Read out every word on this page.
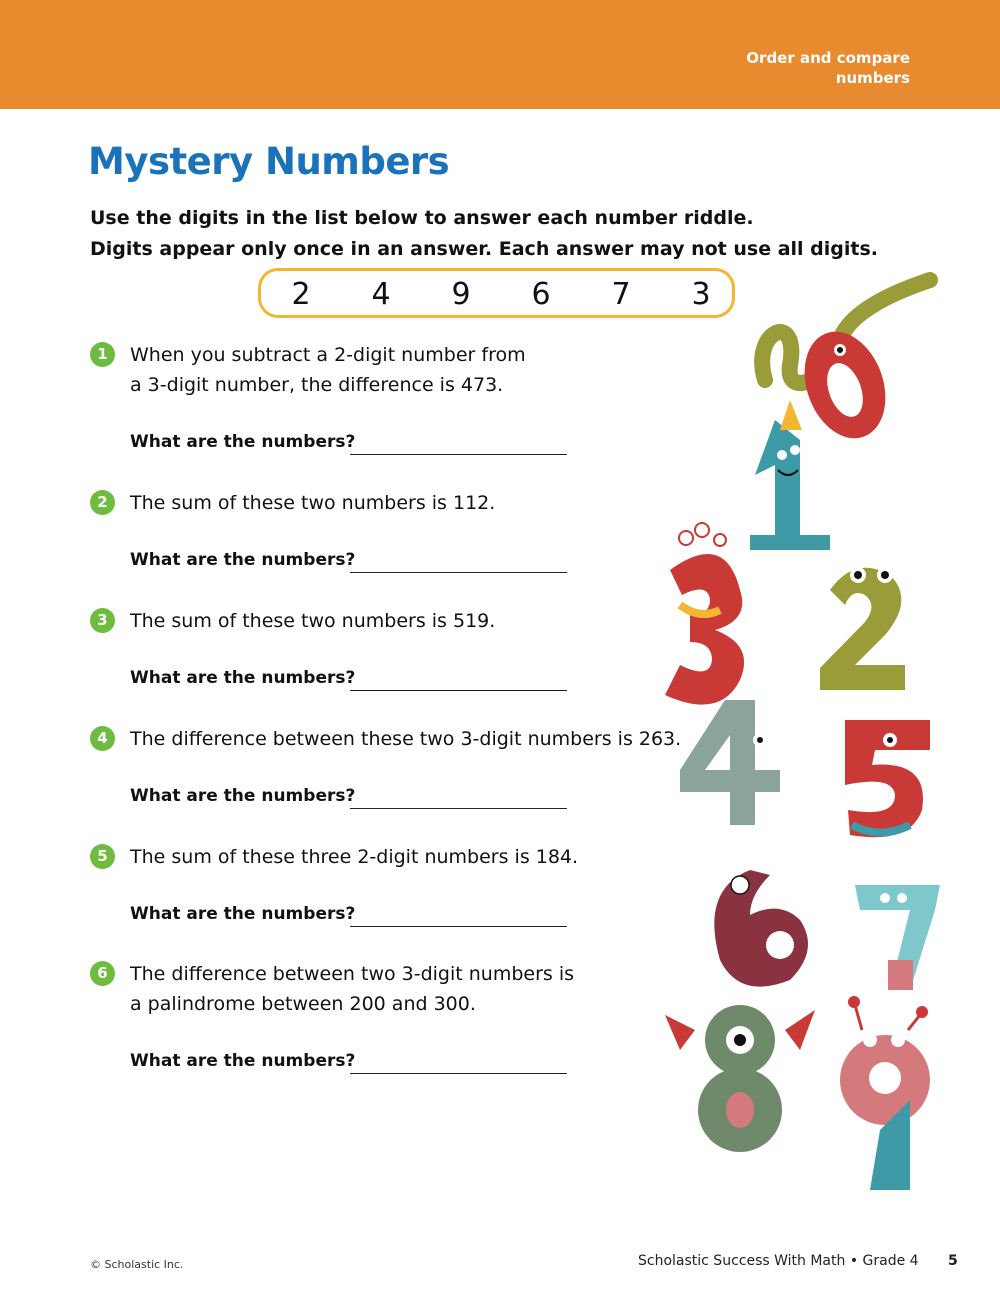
Order and compare
numbers
Mystery Numbers
Use the digits in the list below to answer each number riddle.
Digits appear only once in an answer. Each answer may not use all digits.
2	4	9	6	7	3
1	When you subtract a 2-digit number from
a 3-digit number, the difference is 473.
What are the numbers?
2	The sum of these two numbers is 112.
What are the numbers?
3	The sum of these two numbers is 519.
What are the numbers?
4	The difference between these two 3-digit numbers is 263.
What are the numbers?
5	The sum of these three 2-digit numbers is 184.
What are the numbers?
6	The difference between two 3-digit numbers is
a palindrome between 200 and 300.
What are the numbers?
© Scholastic Inc.	Scholastic Success With Math • Grade 4 5
